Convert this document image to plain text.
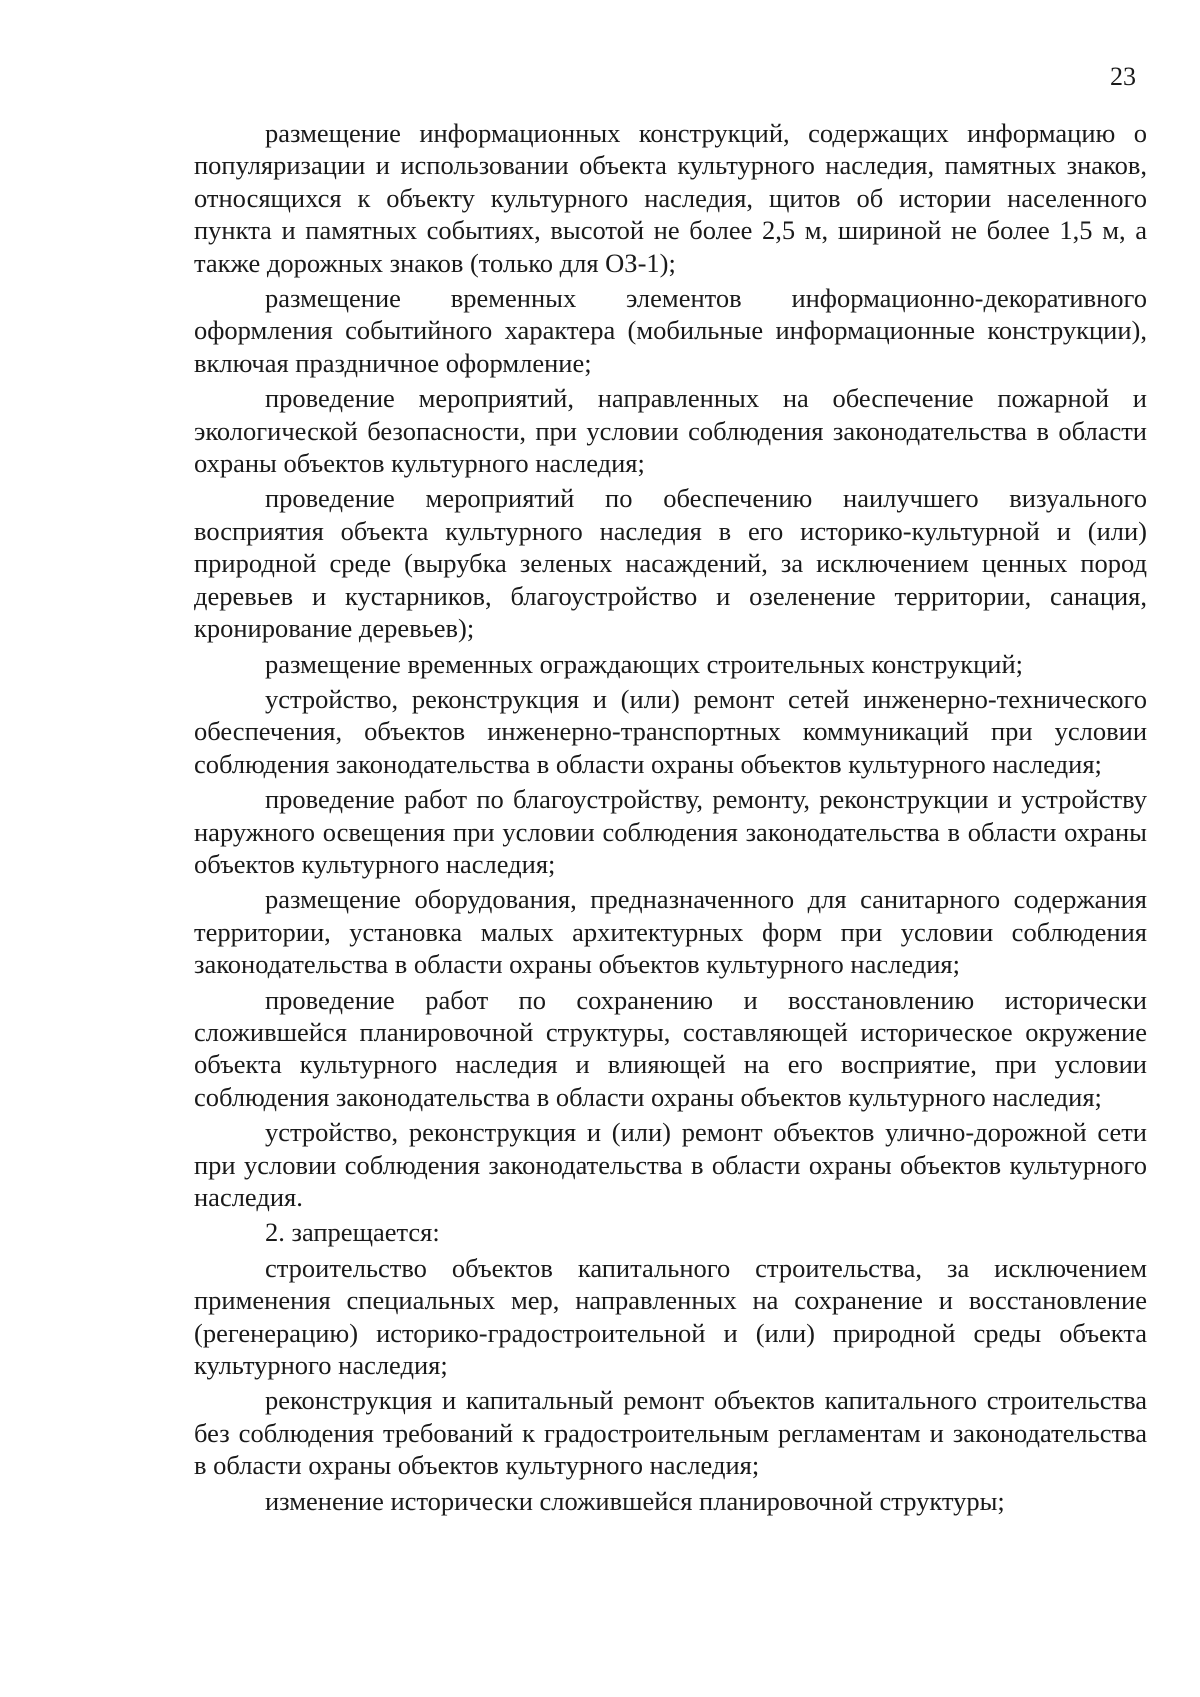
23

размещение информационных конструкций, содержащих информацию о популяризации и использовании объекта культурного наследия, памятных знаков, относящихся к объекту культурного наследия, щитов об истории населенного пункта и памятных событиях, высотой не более 2,5 м, шириной не более 1,5 м, а также дорожных знаков (только для ОЗ-1);

размещение временных элементов информационно-декоративного оформления событийного характера (мобильные информационные конструкции), включая праздничное оформление;

проведение мероприятий, направленных на обеспечение пожарной и экологической безопасности, при условии соблюдения законодательства в области охраны объектов культурного наследия;

проведение мероприятий по обеспечению наилучшего визуального восприятия объекта культурного наследия в его историко-культурной и (или) природной среде (вырубка зеленых насаждений, за исключением ценных пород деревьев и кустарников, благоустройство и озеленение территории, санация, кронирование деревьев);

размещение временных ограждающих строительных конструкций;

устройство, реконструкция и (или) ремонт сетей инженерно-технического обеспечения, объектов инженерно-транспортных коммуникаций при условии соблюдения законодательства в области охраны объектов культурного наследия;

проведение работ по благоустройству, ремонту, реконструкции и устройству наружного освещения при условии соблюдения законодательства в области охраны объектов культурного наследия;

размещение оборудования, предназначенного для санитарного содержания территории, установка малых архитектурных форм при условии соблюдения законодательства в области охраны объектов культурного наследия;

проведение работ по сохранению и восстановлению исторически сложившейся планировочной структуры, составляющей историческое окружение объекта культурного наследия и влияющей на его восприятие, при условии соблюдения законодательства в области охраны объектов культурного наследия;

устройство, реконструкция и (или) ремонт объектов улично-дорожной сети при условии соблюдения законодательства в области охраны объектов культурного наследия.

2. запрещается:

строительство объектов капитального строительства, за исключением применения специальных мер, направленных на сохранение и восстановление (регенерацию) историко-градостроительной и (или) природной среды объекта культурного наследия;

реконструкция и капитальный ремонт объектов капитального строительства без соблюдения требований к градостроительным регламентам и законодательства в области охраны объектов культурного наследия;

изменение исторически сложившейся планировочной структуры;
